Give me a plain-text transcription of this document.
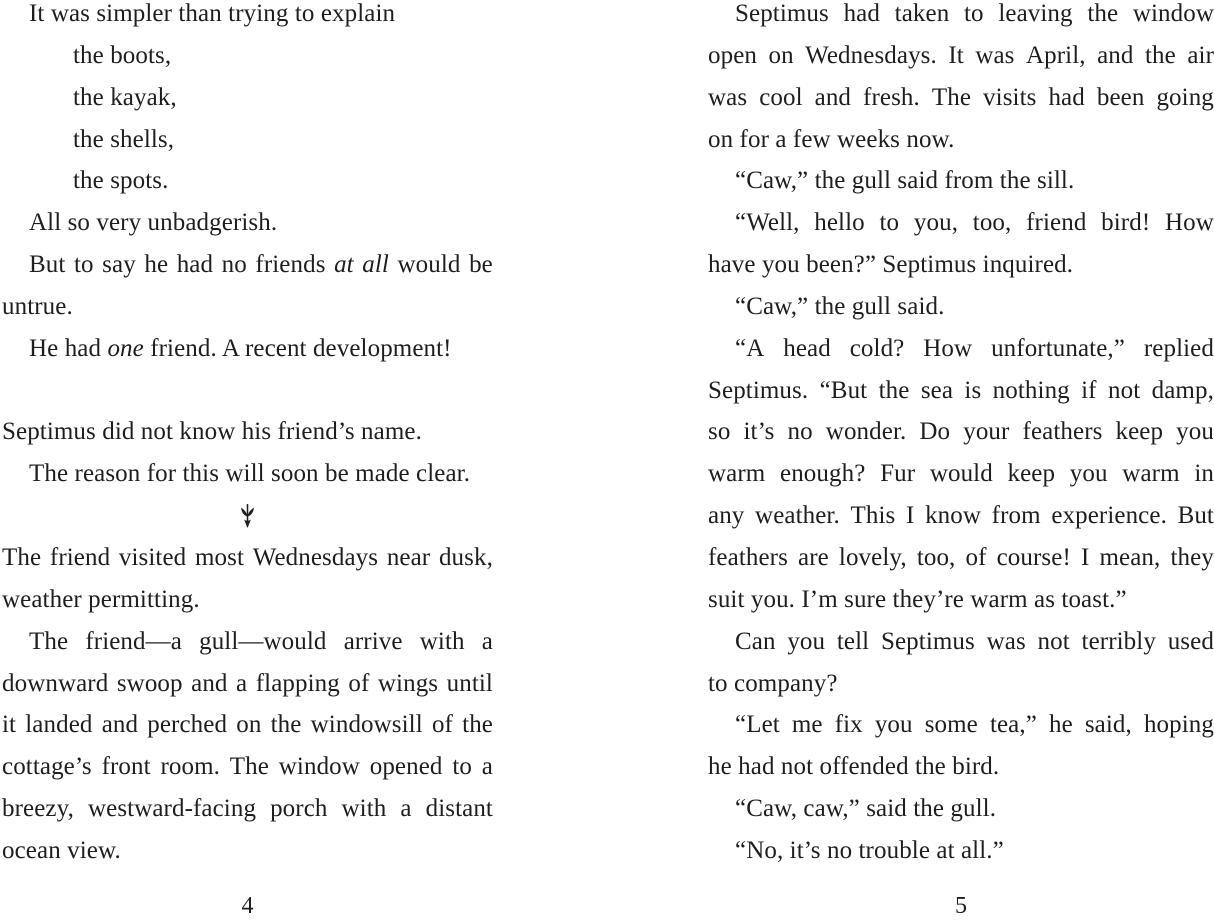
It was simpler than trying to explain
the boots,
the kayak,
the shells,
the spots.
All so very unbadgerish.
But to say he had no friends at all would be
untrue.
He had one friend. A recent development!
Septimus did not know his friend’s name.
The reason for this will soon be made clear.
The friend visited most Wednesdays near dusk,
weather permitting.
The friend—a gull—would arrive with a
downward swoop and a flapping of wings until
it landed and perched on the windowsill of the
cottage’s front room. The window opened to a
breezy, westward-facing porch with a distant
ocean view.
Septimus had taken to leaving the window
open on Wednesdays. It was April, and the air
was cool and fresh. The visits had been going
on for a few weeks now.
“Caw,” the gull said from the sill.
“Well, hello to you, too, friend bird! How
have you been?” Septimus inquired.
“Caw,” the gull said.
“A head cold? How unfortunate,” replied
Septimus. “But the sea is nothing if not damp,
so it’s no wonder. Do your feathers keep you
warm enough? Fur would keep you warm in
any weather. This I know from experience. But
feathers are lovely, too, of course! I mean, they
suit you. I’m sure they’re warm as toast.”
Can you tell Septimus was not terribly used
to company?
“Let me fix you some tea,” he said, hoping
he had not offended the bird.
“Caw, caw,” said the gull.
“No, it’s no trouble at all.”
4	5
